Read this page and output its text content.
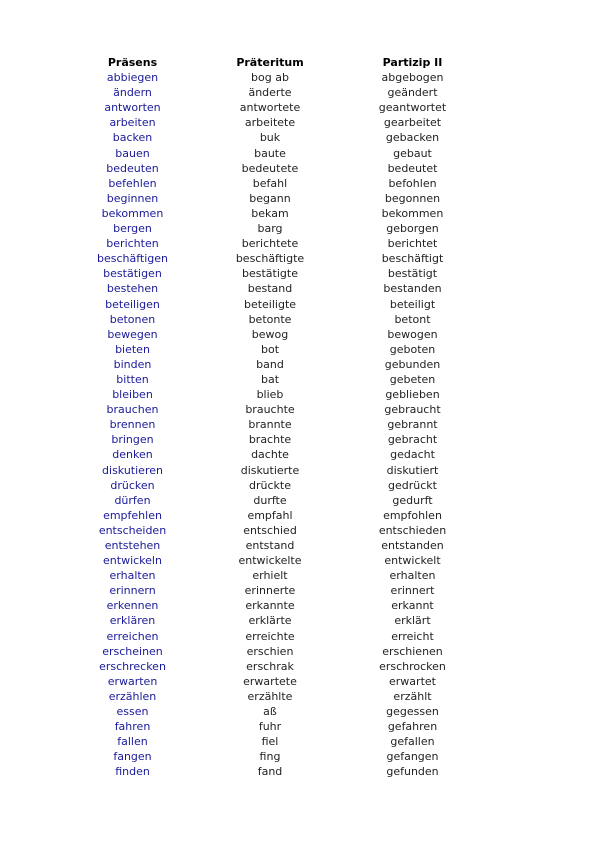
Präsens	Präteritum	Partizip II
abbiegen	bog ab	abgebogen
ändern	änderte	geändert
antworten	antwortete	geantwortet
arbeiten	arbeitete	gearbeitet
backen	buk	gebacken
bauen	baute	gebaut
bedeuten	bedeutete	bedeutet
befehlen	befahl	befohlen
beginnen	begann	begonnen
bekommen	bekam	bekommen
bergen	barg	geborgen
berichten	berichtete	berichtet
beschäftigen	beschäftigte	beschäftigt
bestätigen	bestätigte	bestätigt
bestehen	bestand	bestanden
beteiligen	beteiligte	beteiligt
betonen	betonte	betont
bewegen	bewog	bewogen
bieten	bot	geboten
binden	band	gebunden
bitten	bat	gebeten
bleiben	blieb	geblieben
brauchen	brauchte	gebraucht
brennen	brannte	gebrannt
bringen	brachte	gebracht
denken	dachte	gedacht
diskutieren	diskutierte	diskutiert
drücken	drückte	gedrückt
dürfen	durfte	gedurft
empfehlen	empfahl	empfohlen
entscheiden	entschied	entschieden
entstehen	entstand	entstanden
entwickeln	entwickelte	entwickelt
erhalten	erhielt	erhalten
erinnern	erinnerte	erinnert
erkennen	erkannte	erkannt
erklären	erklärte	erklärt
erreichen	erreichte	erreicht
erscheinen	erschien	erschienen
erschrecken	erschrak	erschrocken
erwarten	erwartete	erwartet
erzählen	erzählte	erzählt
essen	aß	gegessen
fahren	fuhr	gefahren
fallen	fiel	gefallen
fangen	fing	gefangen
finden	fand	gefunden
